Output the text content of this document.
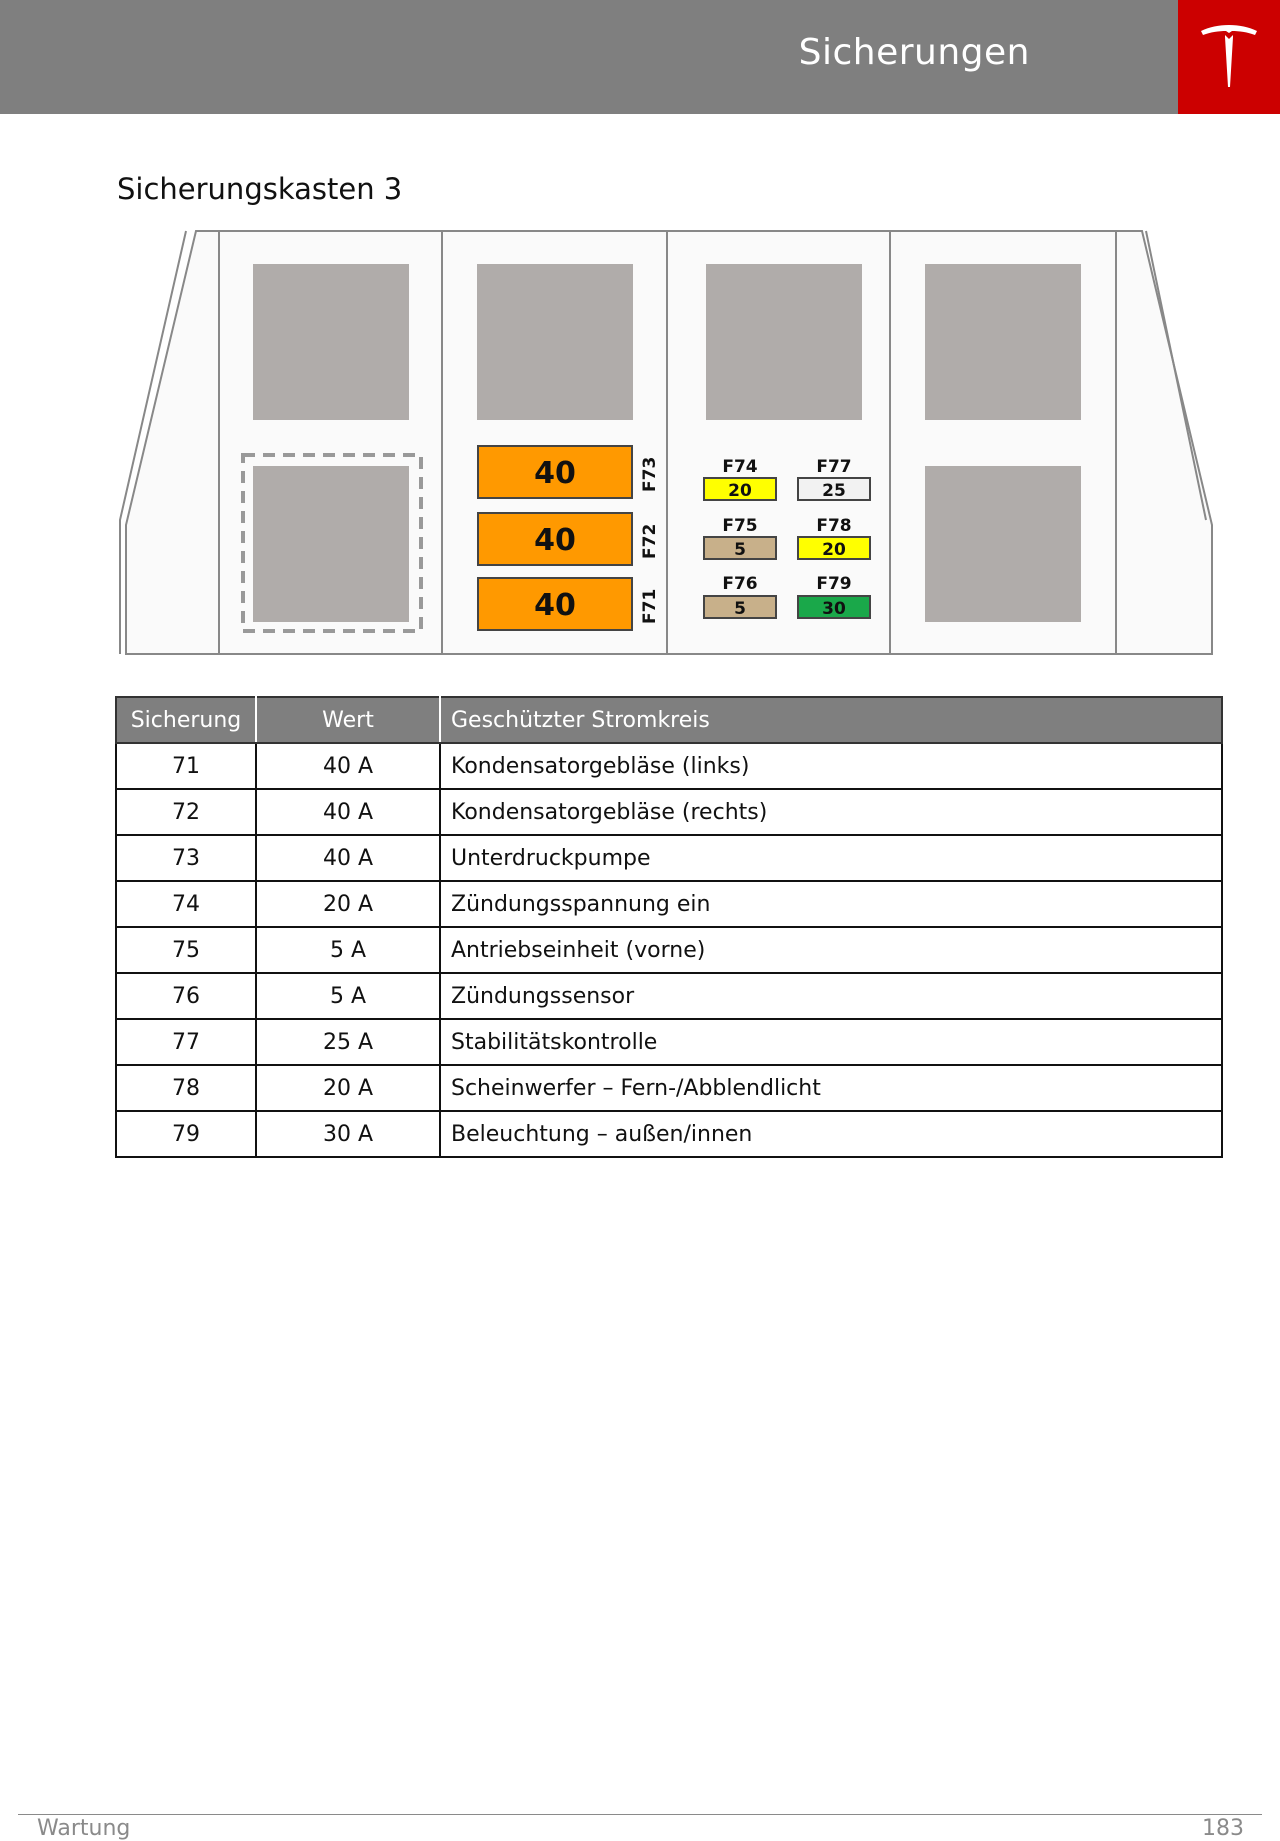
Sicherungen
Sicherungskasten 3
40	F73
40	F72
40	F71
F74
20
F75
5
F76
5
F77
25
F78
20
F79
30
Sicherung	Wert	Geschützter Stromkreis
71	40 A	Kondensatorgebläse (links)
72	40 A	Kondensatorgebläse (rechts)
73	40 A	Unterdruckpumpe
74	20 A	Zündungsspannung ein
75	5 A	Antriebseinheit (vorne)
76	5 A	Zündungssensor
77	25 A	Stabilitätskontrolle
78	20 A	Scheinwerfer – Fern-/Abblendlicht
79	30 A	Beleuchtung – außen/innen
Wartung	183
